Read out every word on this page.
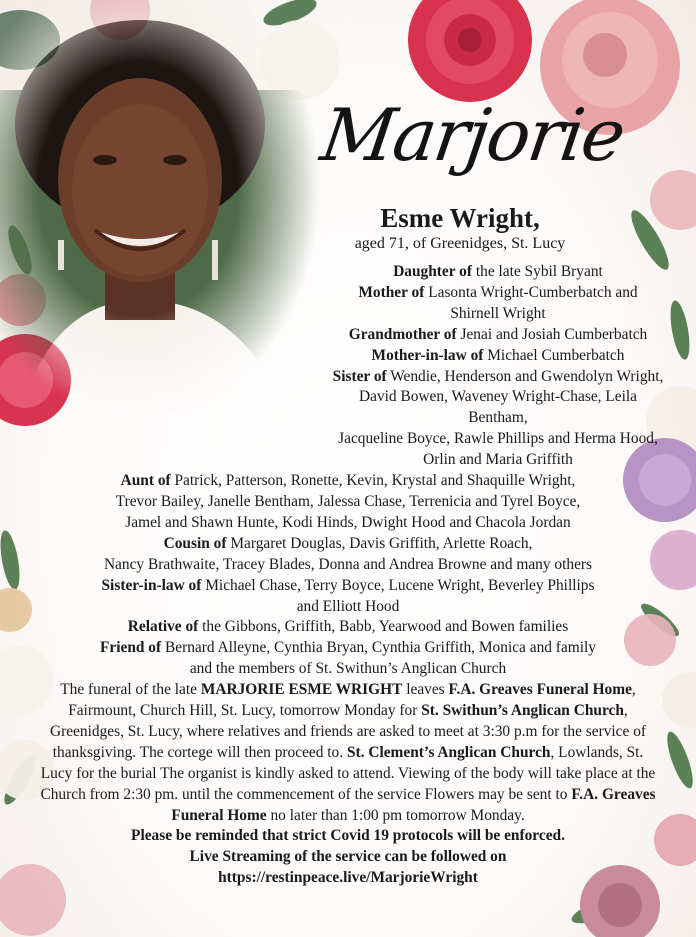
Marjorie
Esme Wright,
aged 71, of Greenidges, St. Lucy

Daughter of the late Sybil Bryant

Mother of Lasonta Wright-Cumberbatch and

Shirnell Wright

Grandmother of Jenai and Josiah Cumberbatch

Mother-in-law of Michael Cumberbatch

Sister of Wendie, Henderson and Gwendolyn Wright,

David Bowen, Waveney Wright-Chase, Leila Bentham,

Jacqueline Boyce, Rawle Phillips and Herma Hood,

Orlin and Maria Griffith

Aunt of Patrick, Patterson, Ronette, Kevin, Krystal and Shaquille Wright,

Trevor Bailey, Janelle Bentham, Jalessa Chase, Terrenicia and Tyrel Boyce,

Jamel and Shawn Hunte, Kodi Hinds, Dwight Hood and Chacola Jordan

Cousin of Margaret Douglas, Davis Griffith, Arlette Roach,

Nancy Brathwaite, Tracey Blades, Donna and Andrea Browne and many others

Sister-in-law of Michael Chase, Terry Boyce, Lucene Wright, Beverley Phillips

and Elliott Hood

Relative of the Gibbons, Griffith, Babb, Yearwood and Bowen families

Friend of Bernard Alleyne, Cynthia Bryan, Cynthia Griffith, Monica and family

and the members of St. Swithun’s Anglican Church

The funeral of the late MARJORIE ESME WRIGHT leaves F.A. Greaves Funeral Home, Fairmount, Church Hill, St. Lucy, tomorrow Monday for St. Swithun’s Anglican Church, Greenidges, St. Lucy, where relatives and friends are asked to meet at 3:30 p.m for the service of thanksgiving. The cortege will then proceed to. St. Clement’s Anglican Church, Lowlands, St. Lucy for the burial The organist is kindly asked to attend. Viewing of the body will take place at the Church from 2:30 pm. until the commencement of the service Flowers may be sent to F.A. Greaves Funeral Home no later than 1:00 pm tomorrow Monday.

Please be reminded that strict Covid 19 protocols will be enforced.

Live Streaming of the service can be followed on

https://restinpeace.live/MarjorieWright
